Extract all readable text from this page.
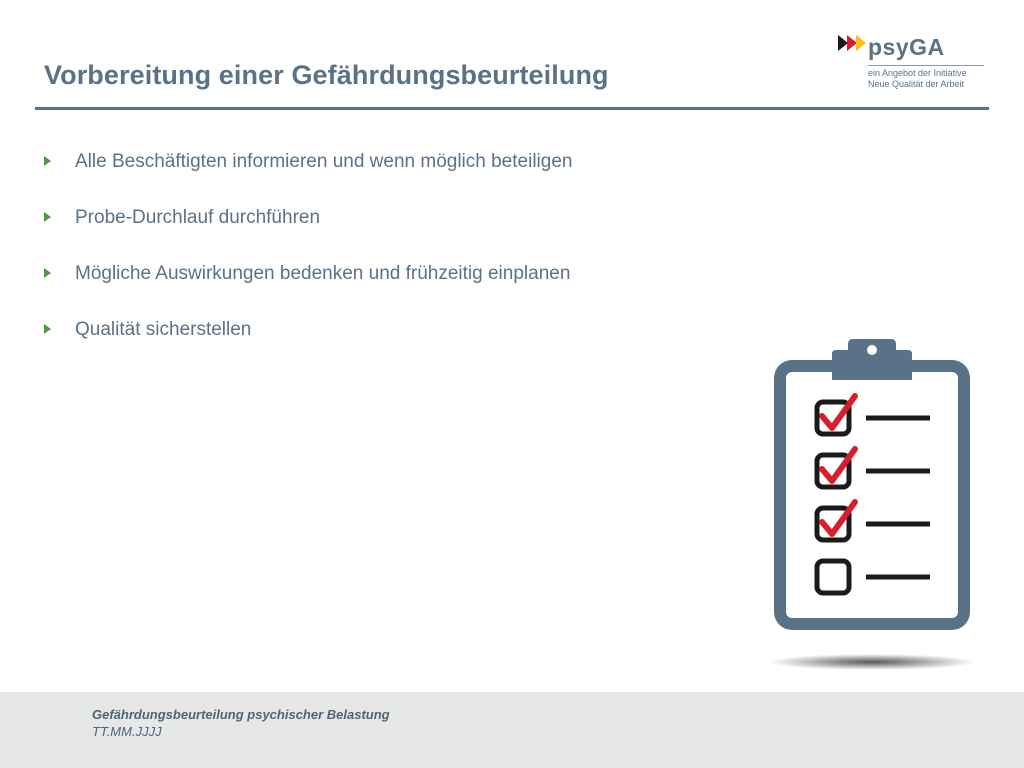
Vorbereitung einer Gefährdungsbeurteilung
psyGA
ein Angebot der Initiative
Neue Qualität der Arbeit
Alle Beschäftigten informieren und wenn möglich beteiligen
Probe-Durchlauf durchführen
Mögliche Auswirkungen bedenken und frühzeitig einplanen
Qualität sicherstellen
Gefährdungsbeurteilung psychischer Belastung
TT.MM.JJJJ
